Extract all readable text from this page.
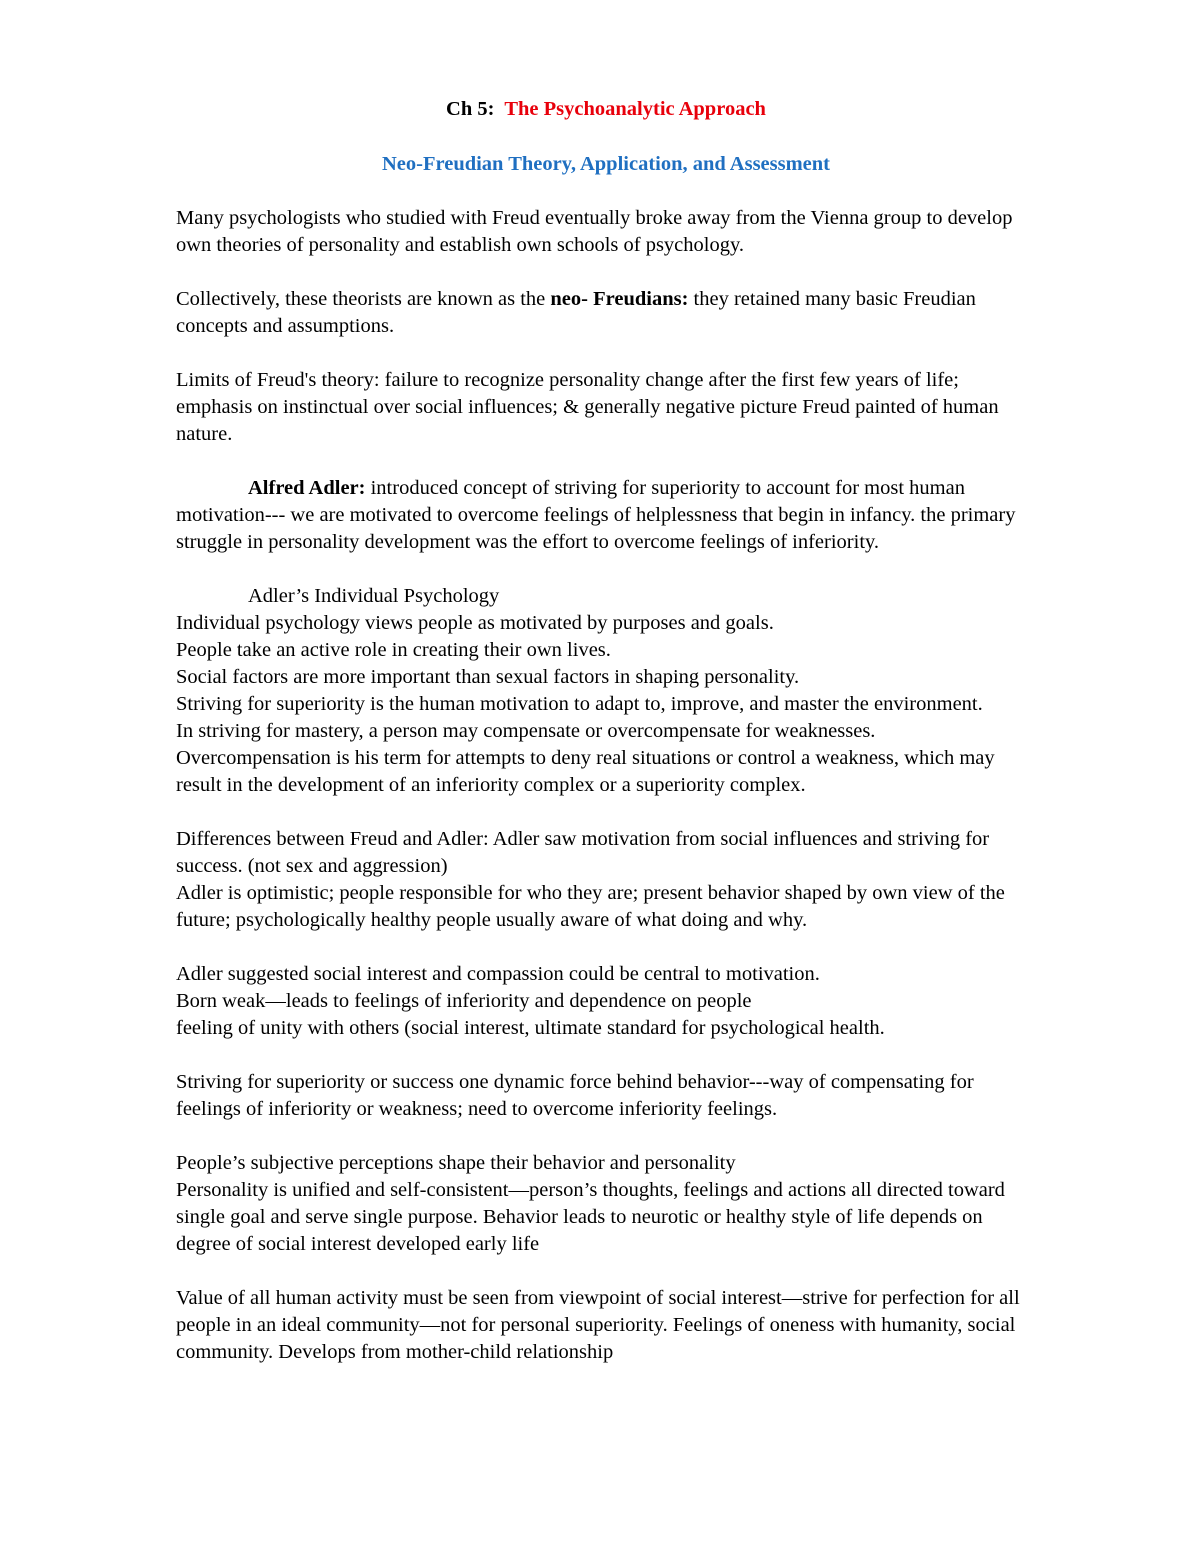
Ch 5: The Psychoanalytic Approach
Neo-Freudian Theory, Application, and Assessment

Many psychologists who studied with Freud eventually broke away from the Vienna group to develop own theories of personality and establish own schools of psychology.

Collectively, these theorists are known as the neo- Freudians: they retained many basic Freudian concepts and assumptions.

Limits of Freud's theory: failure to recognize personality change after the first few years of life; emphasis on instinctual over social influences; & generally negative picture Freud painted of human nature.

Alfred Adler: introduced concept of striving for superiority to account for most human motivation--- we are motivated to overcome feelings of helplessness that begin in infancy. the primary struggle in personality development was the effort to overcome feelings of inferiority.

Adler’s Individual Psychology
Individual psychology views people as motivated by purposes and goals.
People take an active role in creating their own lives.
Social factors are more important than sexual factors in shaping personality.
Striving for superiority is the human motivation to adapt to, improve, and master the environment.
In striving for mastery, a person may compensate or overcompensate for weaknesses.
Overcompensation is his term for attempts to deny real situations or control a weakness, which may result in the development of an inferiority complex or a superiority complex.
Differences between Freud and Adler: Adler saw motivation from social influences and striving for success. (not sex and aggression)
Adler is optimistic; people responsible for who they are; present behavior shaped by own view of the future; psychologically healthy people usually aware of what doing and why.
Adler suggested social interest and compassion could be central to motivation.
Born weak—leads to feelings of inferiority and dependence on people
feeling of unity with others (social interest, ultimate standard for psychological health.

Striving for superiority or success one dynamic force behind behavior---way of compensating for feelings of inferiority or weakness; need to overcome inferiority feelings.

People’s subjective perceptions shape their behavior and personality
Personality is unified and self-consistent—person’s thoughts, feelings and actions all directed toward single goal and serve single purpose. Behavior leads to neurotic or healthy style of life depends on degree of social interest developed early life

Value of all human activity must be seen from viewpoint of social interest—strive for perfection for all people in an ideal community—not for personal superiority. Feelings of oneness with humanity, social community. Develops from mother-child relationship
